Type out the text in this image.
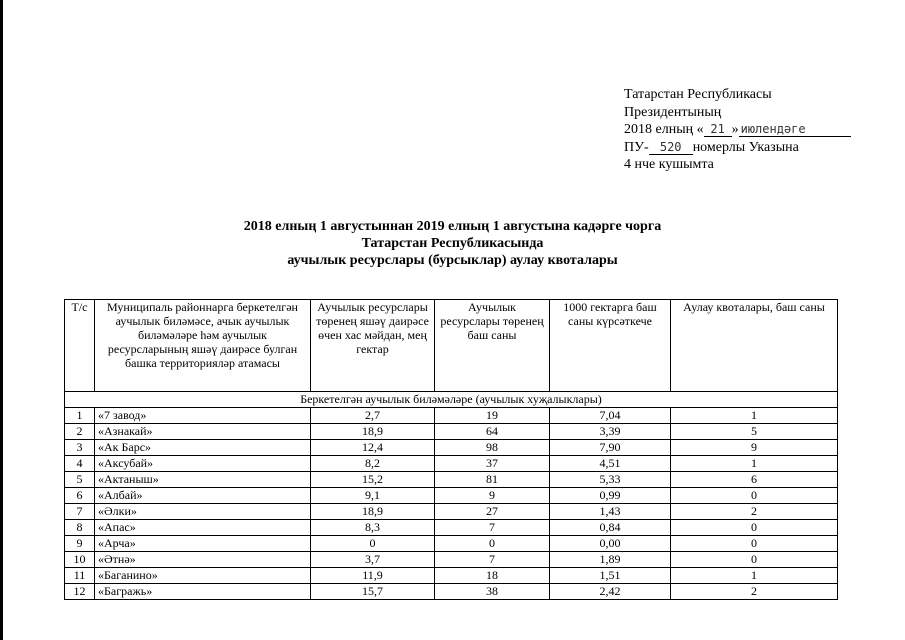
Татарстан Республикасы
Президентының
2018 елның « 21 » июлендәге
ПУ- 520 номерлы Указына
4 нче кушымта
2018 елның 1 августыннан 2019 елның 1 августына кадәрге чорга
Татарстан Республикасында
аучылык ресурслары (бурсыклар) аулау квоталары
Т/с	Муниципаль районнарга беркетелгән аучылык биләмәсе, ачык аучылык биләмәләре һәм аучылык ресурсларының яшәү даирәсе булган башка территорияләр атамасы	Аучылык ресурслары төренең яшәү даирәсе өчен хас мәйдан, мең гектар	Аучылык ресурслары төренең баш саны	1000 гектарга баш саны күрсәткече	Аулау квоталары, баш саны
Беркетелгән аучылык биләмәләре (аучылык хуҗалыклары)					
1	«7 завод»	2,7	19	7,04	1
2	«Азнакай»	18,9	64	3,39	5
3	«Ак Барс»	12,4	98	7,90	9
4	«Аксубай»	8,2	37	4,51	1
5	«Актаныш»	15,2	81	5,33	6
6	«Албай»	9,1	9	0,99	0
7	«Әлки»	18,9	27	1,43	2
8	«Апас»	8,3	7	0,84	0
9	«Арча»	0	0	0,00	0
10	«Әтнә»	3,7	7	1,89	0
11	«Баганино»	11,9	18	1,51	1
12	«Багражь»	15,7	38	2,42	2
